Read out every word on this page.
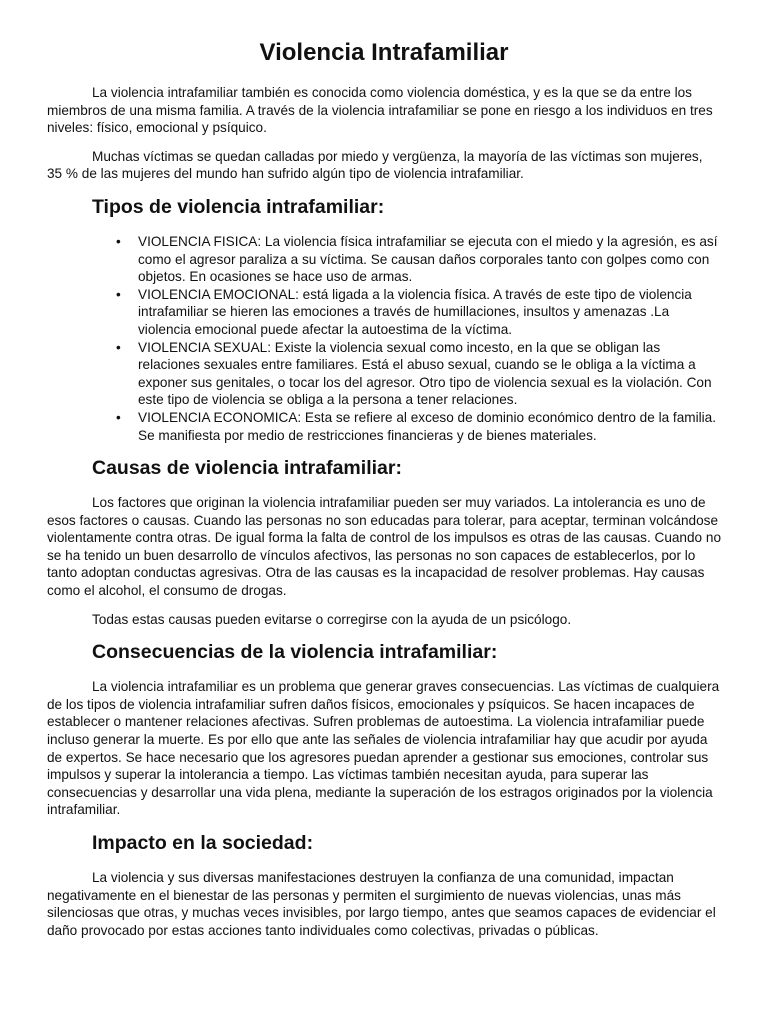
Violencia Intrafamiliar

La violencia intrafamiliar también es conocida como violencia doméstica, y es la que se da entre los miembros de una misma familia. A través de la violencia intrafamiliar se pone en riesgo a los individuos en tres niveles: físico, emocional y psíquico.

Muchas víctimas se quedan calladas por miedo y vergüenza, la mayoría de las víctimas son mujeres, 35 % de las mujeres del mundo han sufrido algún tipo de violencia intrafamiliar.

Tipos de violencia intrafamiliar:
• VIOLENCIA FISICA: La violencia física intrafamiliar se ejecuta con el miedo y la agresión, es así como el agresor paraliza a su víctima. Se causan daños corporales tanto con golpes como con objetos. En ocasiones se hace uso de armas.
• VIOLENCIA EMOCIONAL: está ligada a la violencia física. A través de este tipo de violencia intrafamiliar se hieren las emociones a través de humillaciones, insultos y amenazas .La violencia emocional puede afectar la autoestima de la víctima.
• VIOLENCIA SEXUAL: Existe la violencia sexual como incesto, en la que se obligan las relaciones sexuales entre familiares. Está el abuso sexual, cuando se le obliga a la víctima a exponer sus genitales, o tocar los del agresor. Otro tipo de violencia sexual es la violación. Con este tipo de violencia se obliga a la persona a tener relaciones.
• VIOLENCIA ECONOMICA: Esta se refiere al exceso de dominio económico dentro de la familia. Se manifiesta por medio de restricciones financieras y de bienes materiales.
Causas de violencia intrafamiliar:

Los factores que originan la violencia intrafamiliar pueden ser muy variados. La intolerancia es uno de esos factores o causas. Cuando las personas no son educadas para tolerar, para aceptar, terminan volcándose violentamente contra otras. De igual forma la falta de control de los impulsos es otras de las causas. Cuando no se ha tenido un buen desarrollo de vínculos afectivos, las personas no son capaces de establecerlos, por lo tanto adoptan conductas agresivas. Otra de las causas es la incapacidad de resolver problemas. Hay causas como el alcohol, el consumo de drogas.

Todas estas causas pueden evitarse o corregirse con la ayuda de un psicólogo.

Consecuencias de la violencia intrafamiliar:

La violencia intrafamiliar es un problema que generar graves consecuencias. Las víctimas de cualquiera de los tipos de violencia intrafamiliar sufren daños físicos, emocionales y psíquicos. Se hacen incapaces de establecer o mantener relaciones afectivas. Sufren problemas de autoestima. La violencia intrafamiliar puede incluso generar la muerte. Es por ello que ante las señales de violencia intrafamiliar hay que acudir por ayuda de expertos. Se hace necesario que los agresores puedan aprender a gestionar sus emociones, controlar sus impulsos y superar la intolerancia a tiempo. Las víctimas también necesitan ayuda, para superar las consecuencias y desarrollar una vida plena, mediante la superación de los estragos originados por la violencia intrafamiliar.

Impacto en la sociedad:

La violencia y sus diversas manifestaciones destruyen la confianza de una comunidad, impactan negativamente en el bienestar de las personas y permiten el surgimiento de nuevas violencias, unas más silenciosas que otras, y muchas veces invisibles, por largo tiempo, antes que seamos capaces de evidenciar el daño provocado por estas acciones tanto individuales como colectivas, privadas o públicas.
